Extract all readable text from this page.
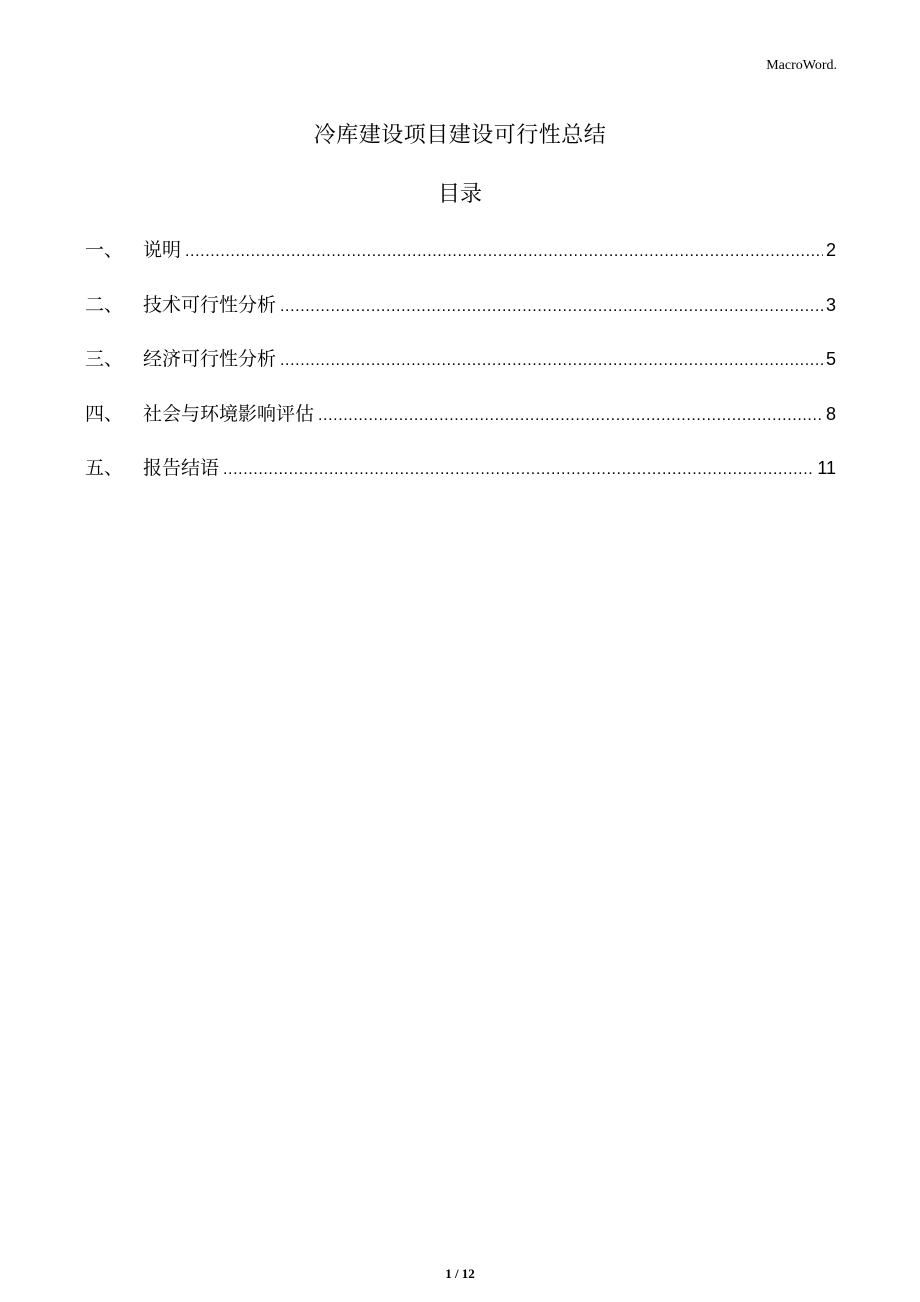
MacroWord.
冷库建设项目建设可行性总结
目录
一、	说明 .....	2
二、	技术可行性分析 .....	3
三、	经济可行性分析 .....	5
四、	社会与环境影响评估 .....	8
五、	报告结语 .....	11
1 / 12
